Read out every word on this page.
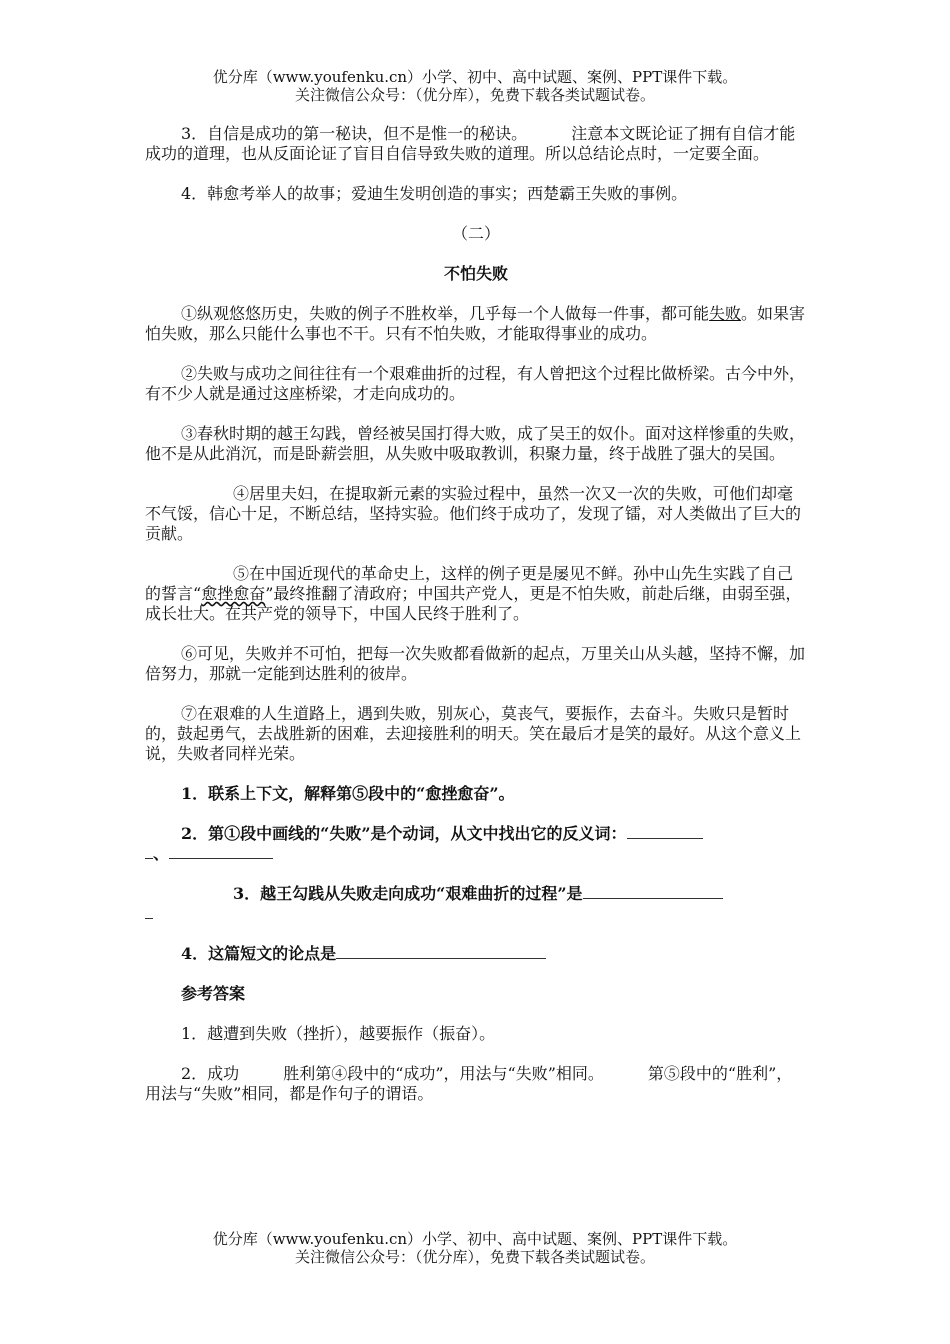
优分库（www.youfenku.cn）小学、初中、高中试题、案例、PPT课件下载。
关注微信公众号：（优分库），免费下载各类试题试卷。

3．自信是成功的第一秘诀，但不是惟一的秘诀。	注意本文既论证了拥有自信才能成功的道理，也从反面论证了盲目自信导致失败的道理。所以总结论点时，一定要全面。

4．韩愈考举人的故事；爱迪生发明创造的事实；西楚霸王失败的事例。

（二）

不怕失败

①纵观悠悠历史，失败的例子不胜枚举，几乎每一个人做每一件事，都可能失败。如果害怕失败，那么只能什么事也不干。只有不怕失败，才能取得事业的成功。

②失败与成功之间往往有一个艰难曲折的过程，有人曾把这个过程比做桥梁。古今中外，有不少人就是通过这座桥梁，才走向成功的。

③春秋时期的越王勾践，曾经被吴国打得大败，成了吴王的奴仆。面对这样惨重的失败，他不是从此消沉，而是卧薪尝胆，从失败中吸取教训，积聚力量，终于战胜了强大的吴国。

④居里夫妇，在提取新元素的实验过程中，虽然一次又一次的失败，可他们却毫不气馁，信心十足，不断总结，坚持实验。他们终于成功了，发现了镭，对人类做出了巨大的贡献。

⑤在中国近现代的革命史上，这样的例子更是屡见不鲜。孙中山先生实践了自己的誓言“愈挫愈奋”最终推翻了清政府；中国共产党人，更是不怕失败，前赴后继，由弱至强，成长壮大。在共产党的领导下，中国人民终于胜利了。

⑥可见，失败并不可怕，把每一次失败都看做新的起点，万里关山从头越，坚持不懈，加倍努力，那就一定能到达胜利的彼岸。

⑦在艰难的人生道路上，遇到失败，别灰心，莫丧气，要振作，去奋斗。失败只是暂时的，鼓起勇气，去战胜新的困难，去迎接胜利的明天。笑在最后才是笑的最好。从这个意义上说，失败者同样光荣。

1．联系上下文，解释第⑤段中的“愈挫愈奋”。

2．第①段中画线的“失败”是个动词，从文中找出它的反义词：
、

3．越王勾践从失败走向成功“艰难曲折的过程”是

4．这篇短文的论点是

参考答案

1．越遭到失败（挫折），越要振作（振奋）。

2．成功	胜利第④段中的“成功”，用法与“失败”相同。	第⑤段中的“胜利”，用法与“失败”相同，都是作句子的谓语。

优分库（www.youfenku.cn）小学、初中、高中试题、案例、PPT课件下载。
关注微信公众号：（优分库），免费下载各类试题试卷。
